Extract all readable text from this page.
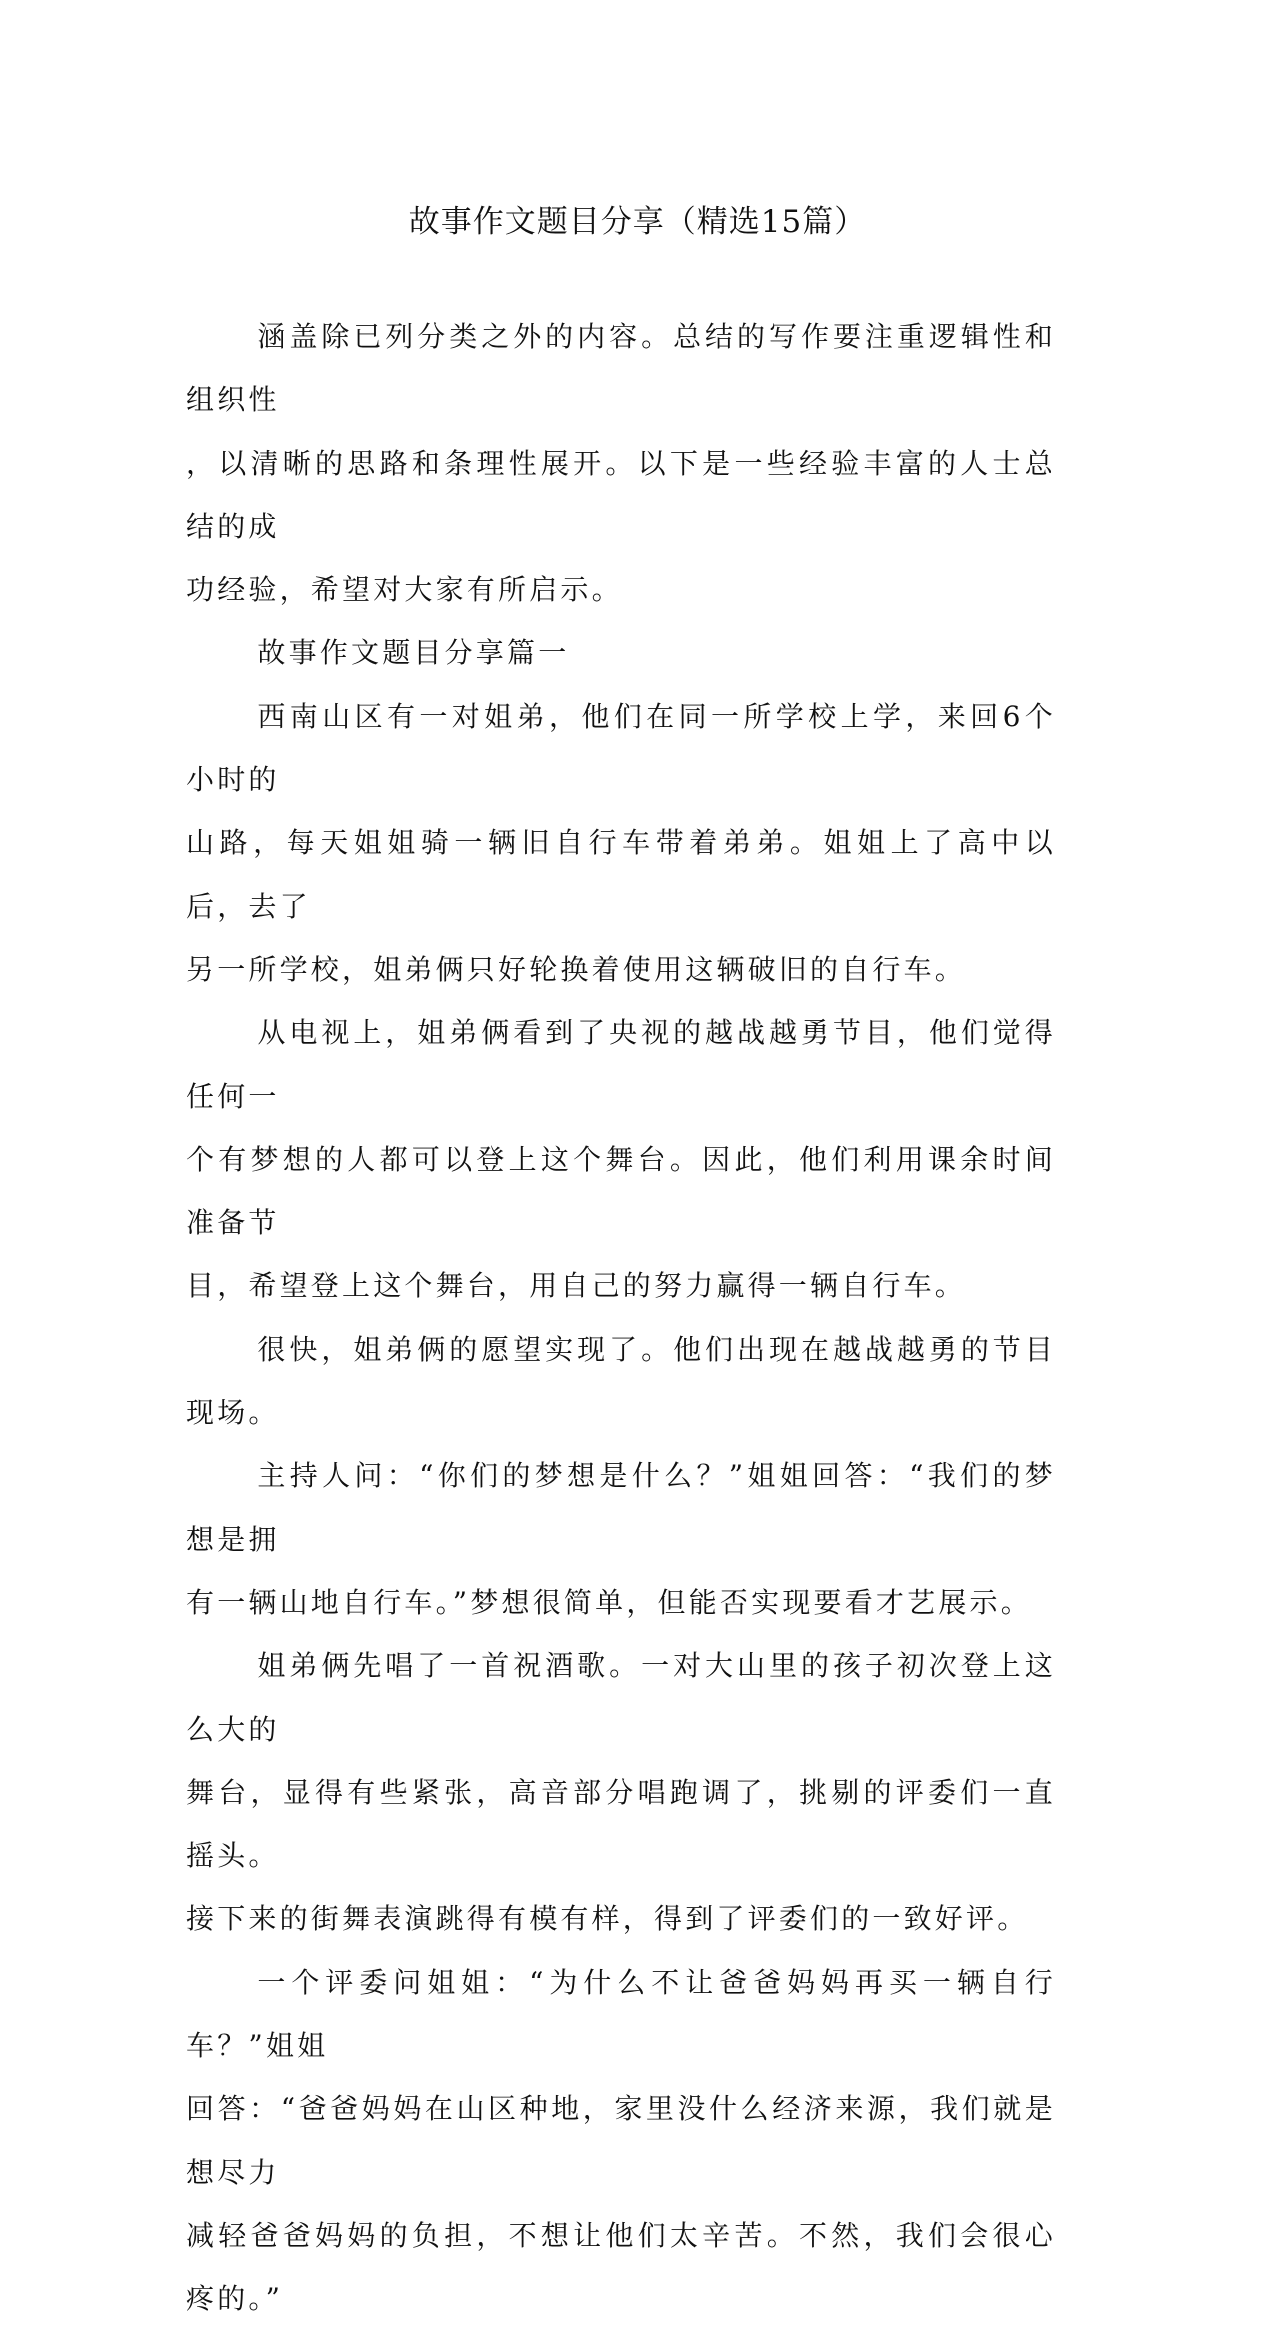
故事作文题目分享（精选15篇）

涵盖除已列分类之外的内容。总结的写作要注重逻辑性和组织性
，以清晰的思路和条理性展开。以下是一些经验丰富的人士总结的成
功经验，希望对大家有所启示。

故事作文题目分享篇一

西南山区有一对姐弟，他们在同一所学校上学，来回6个小时的
山路，每天姐姐骑一辆旧自行车带着弟弟。姐姐上了高中以后，去了
另一所学校，姐弟俩只好轮换着使用这辆破旧的自行车。

从电视上，姐弟俩看到了央视的越战越勇节目，他们觉得任何一
个有梦想的人都可以登上这个舞台。因此，他们利用课余时间准备节
目，希望登上这个舞台，用自己的努力赢得一辆自行车。

很快，姐弟俩的愿望实现了。他们出现在越战越勇的节目现场。

主持人问：“你们的梦想是什么？”姐姐回答：“我们的梦想是拥
有一辆山地自行车。”梦想很简单，但能否实现要看才艺展示。

姐弟俩先唱了一首祝酒歌。一对大山里的孩子初次登上这么大的
舞台，显得有些紧张，高音部分唱跑调了，挑剔的评委们一直摇头。
接下来的街舞表演跳得有模有样，得到了评委们的一致好评。

一个评委问姐姐：“为什么不让爸爸妈妈再买一辆自行车？”姐姐
回答：“爸爸妈妈在山区种地，家里没什么经济来源，我们就是想尽力
减轻爸爸妈妈的负担，不想让他们太辛苦。不然，我们会很心疼的。”
